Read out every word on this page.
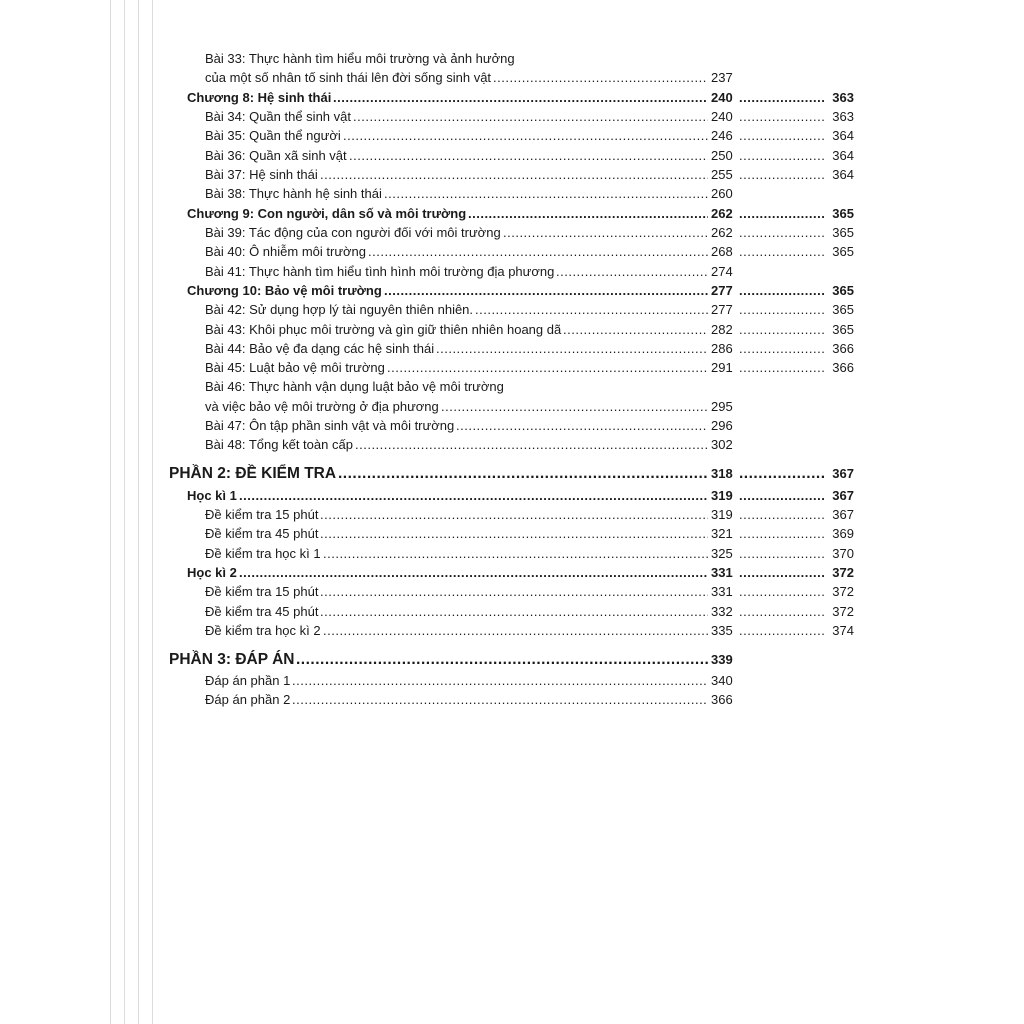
Bài 33: Thực hành tìm hiểu môi trường và ảnh hưởng
của một số nhân tố sinh thái lên đời sống sinh vật .....	237
Chương 8: Hệ sinh thái .....	240 .....	363
Bài 34: Quần thể sinh vật .....	240 .....	363
Bài 35: Quần thể người .....	246 .....	364
Bài 36: Quần xã sinh vật .....	250 .....	364
Bài 37: Hệ sinh thái .....	255 .....	364
Bài 38: Thực hành hệ sinh thái .....	260
Chương 9: Con người, dân số và môi trường .....	262 .....	365
Bài 39: Tác động của con người đối với môi trường .....	262 .....	365
Bài 40: Ô nhiễm môi trường .....	268 .....	365
Bài 41: Thực hành tìm hiểu tình hình môi trường địa phương .....	274
Chương 10: Bảo vệ môi trường .....	277 .....	365
Bài 42: Sử dụng hợp lý tài nguyên thiên nhiên. .....	277 .....	365
Bài 43: Khôi phục môi trường và gìn giữ thiên nhiên hoang dã .....	282 .....	365
Bài 44: Bảo vệ đa dạng các hệ sinh thái .....	286 .....	366
Bài 45: Luật bảo vệ môi trường .....	291 .....	366
Bài 46: Thực hành vận dụng luật bảo vệ môi trường
và việc bảo vệ môi trường ở địa phương .....	295
Bài 47: Ôn tập phần sinh vật và môi trường .....	296
Bài 48: Tổng kết toàn cấp .....	302
PHẦN 2: ĐỀ KIỂM TRA .....	318 .....	367
Học kì 1 .....	319 .....	367
Đề kiểm tra 15 phút .....	319 .....	367
Đề kiểm tra 45 phút .....	321 .....	369
Đề kiểm tra học kì 1 .....	325 .....	370
Học kì 2 .....	331 .....	372
Đề kiểm tra 15 phút .....	331 .....	372
Đề kiểm tra 45 phút .....	332 .....	372
Đề kiểm tra học kì 2 .....	335 .....	374
PHẦN 3: ĐÁP ÁN .....	339
Đáp án phần 1 .....	340
Đáp án phần 2 .....	366
